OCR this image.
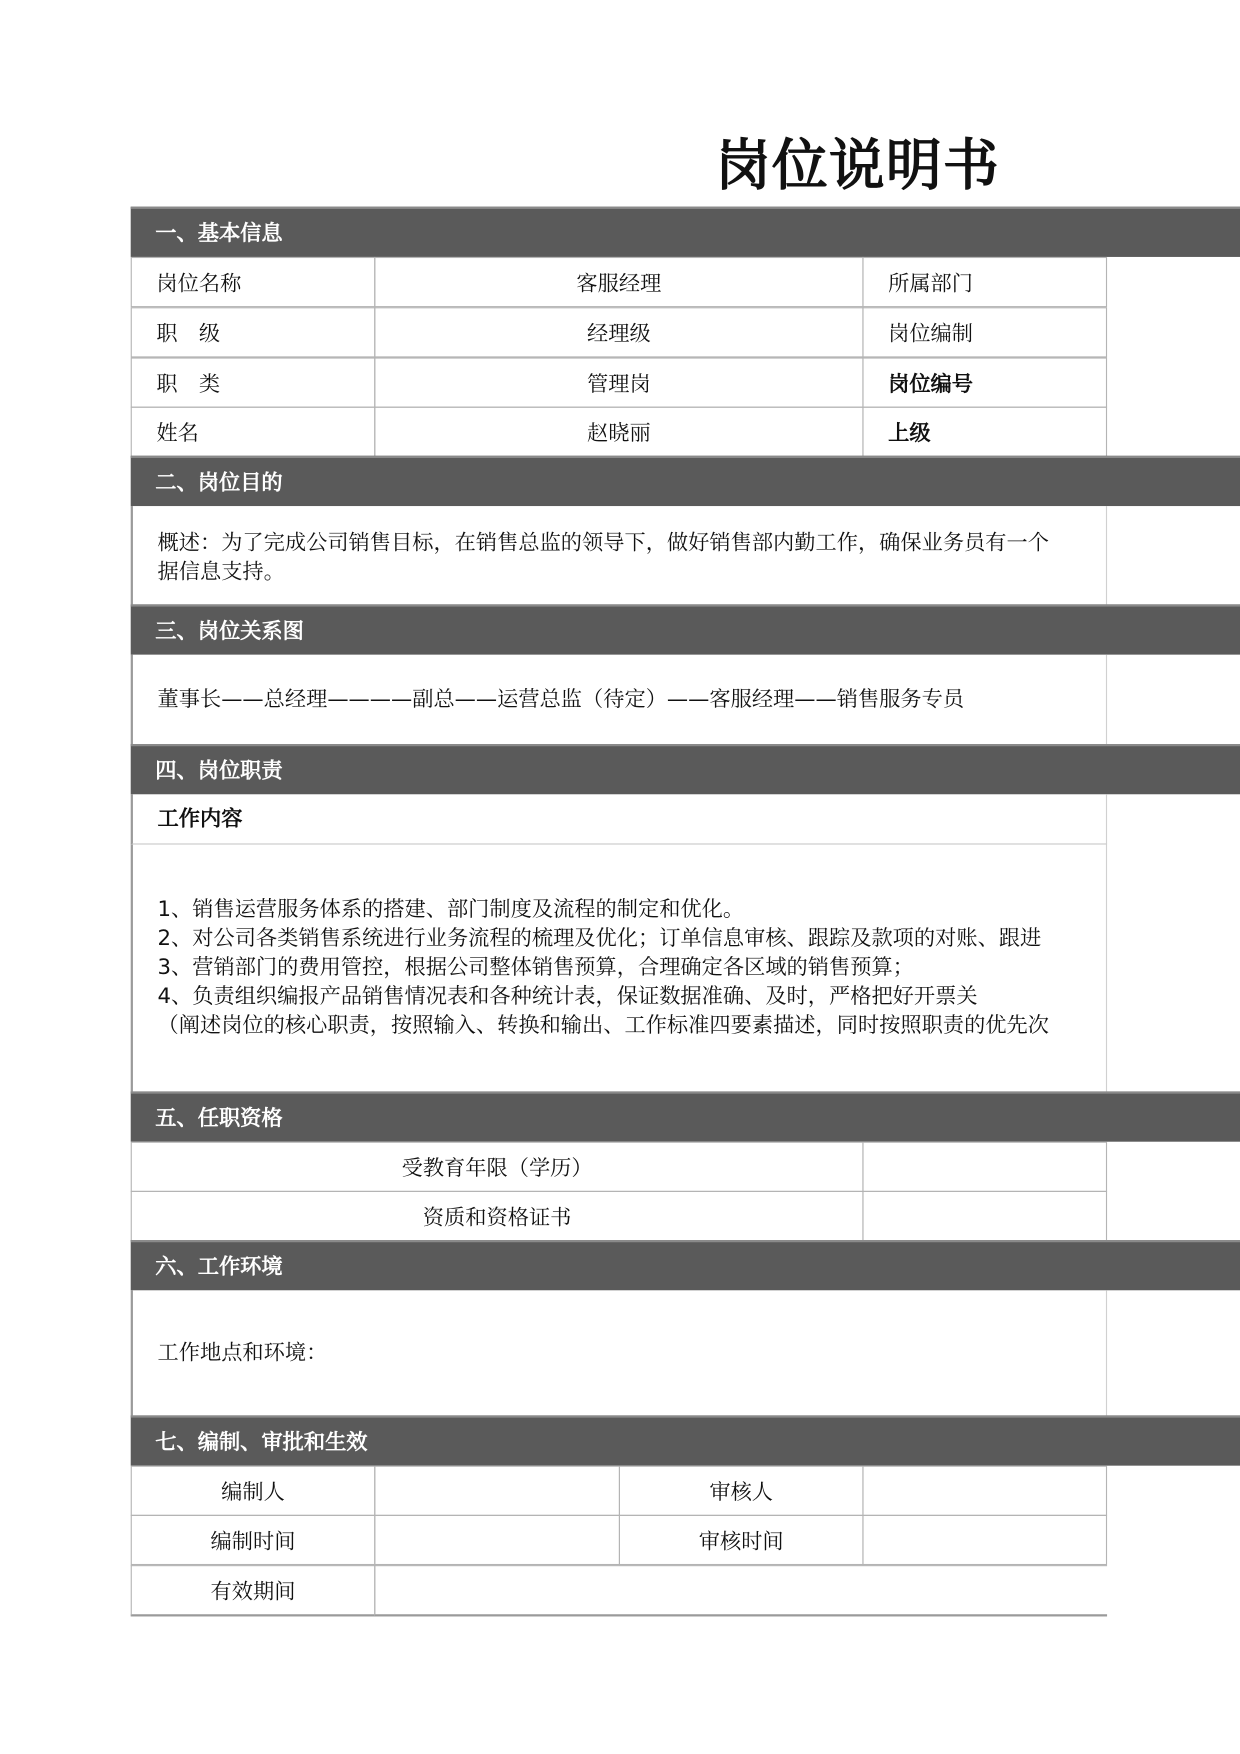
岗位说明书
一、基本信息
岗位名称	客服经理	所属部门
职　级	经理级	岗位编制
职　类	管理岗	岗位编号
姓名	赵晓丽	上级
二、岗位目的
概述：为了完成公司销售目标，在销售总监的领导下，做好销售部内勤工作，确保业务员有一个
据信息支持。
三、岗位关系图
董事长——总经理————副总——运营总监（待定）——客服经理——销售服务专员
四、岗位职责
工作内容
1、销售运营服务体系的搭建、部门制度及流程的制定和优化。
2、对公司各类销售系统进行业务流程的梳理及优化；订单信息审核、跟踪及款项的对账、跟进
3、营销部门的费用管控，根据公司整体销售预算，合理确定各区域的销售预算；
4、负责组织编报产品销售情况表和各种统计表，保证数据准确、及时，严格把好开票关
（阐述岗位的核心职责，按照输入、转换和输出、工作标准四要素描述，同时按照职责的优先次
五、任职资格
受教育年限（学历）
资质和资格证书
六、工作环境
工作地点和环境：
七、编制、审批和生效
编制人	审核人
编制时间	审核时间
有效期间
